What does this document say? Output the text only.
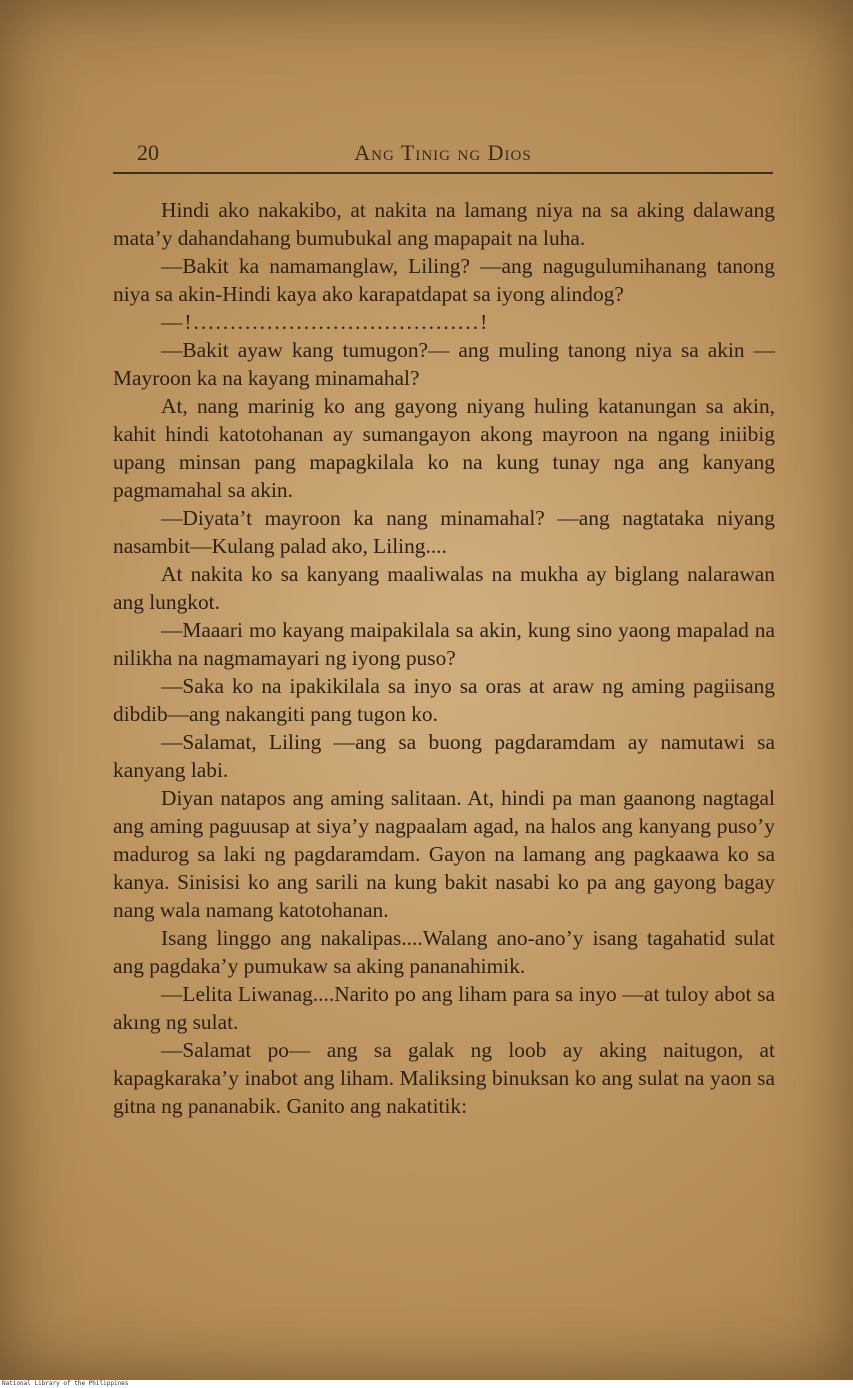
20	Ang Tinig ng Dios

Hindi ako nakakibo, at nakita na lamang niya na sa aking dalawang mata’y dahandahang bumubukal ang mapapait na luha.

—Bakit ka namamanglaw, Liling? —ang nagugulumihanang tanong niya sa akin-Hindi kaya ako karapatdapat sa iyong alindog?

—!.......................................!

—Bakit ayaw kang tumugon?— ang muling tanong niya sa akin —Mayroon ka na kayang minamahal?

At, nang marinig ko ang gayong niyang huling katanungan sa akin, kahit hindi katotohanan ay sumangayon akong mayroon na ngang iniibig upang minsan pang mapagkilala ko na kung tunay nga ang kanyang pagmamahal sa akin.

—Diyata’t mayroon ka nang minamahal? —ang nagtataka niyang nasambit—Kulang palad ako, Liling....

At nakita ko sa kanyang maaliwalas na mukha ay biglang nalarawan ang lungkot.

—Maaari mo kayang maipakilala sa akin, kung sino yaong mapalad na nilikha na nagmamayari ng iyong puso?

—Saka ko na ipakikilala sa inyo sa oras at araw ng aming pagiisang dibdib—ang nakangiti pang tugon ko.

—Salamat, Liling —ang sa buong pagdaramdam ay namutawi sa kanyang labi.

Diyan natapos ang aming salitaan. At, hindi pa man gaanong nagtagal ang aming paguusap at siya’y nagpaalam agad, na halos ang kanyang puso’y madurog sa laki ng pagdaramdam. Gayon na lamang ang pagkaawa ko sa kanya. Sinisisi ko ang sarili na kung bakit nasabi ko pa ang gayong bagay nang wala namang katotohanan.

Isang linggo ang nakalipas....Walang ano-ano’y isang tagahatid sulat ang pagdaka’y pumukaw sa aking pananahimik.

—Lelita Liwanag....Narito po ang liham para sa inyo —at tuloy abot sa akıng ng sulat.

—Salamat po— ang sa galak ng loob ay aking naitugon, at kapagkaraka’y inabot ang liham. Maliksing binuksan ko ang sulat na yaon sa gitna ng pananabik. Ganito ang nakatitik:

National Library of the Philippines
